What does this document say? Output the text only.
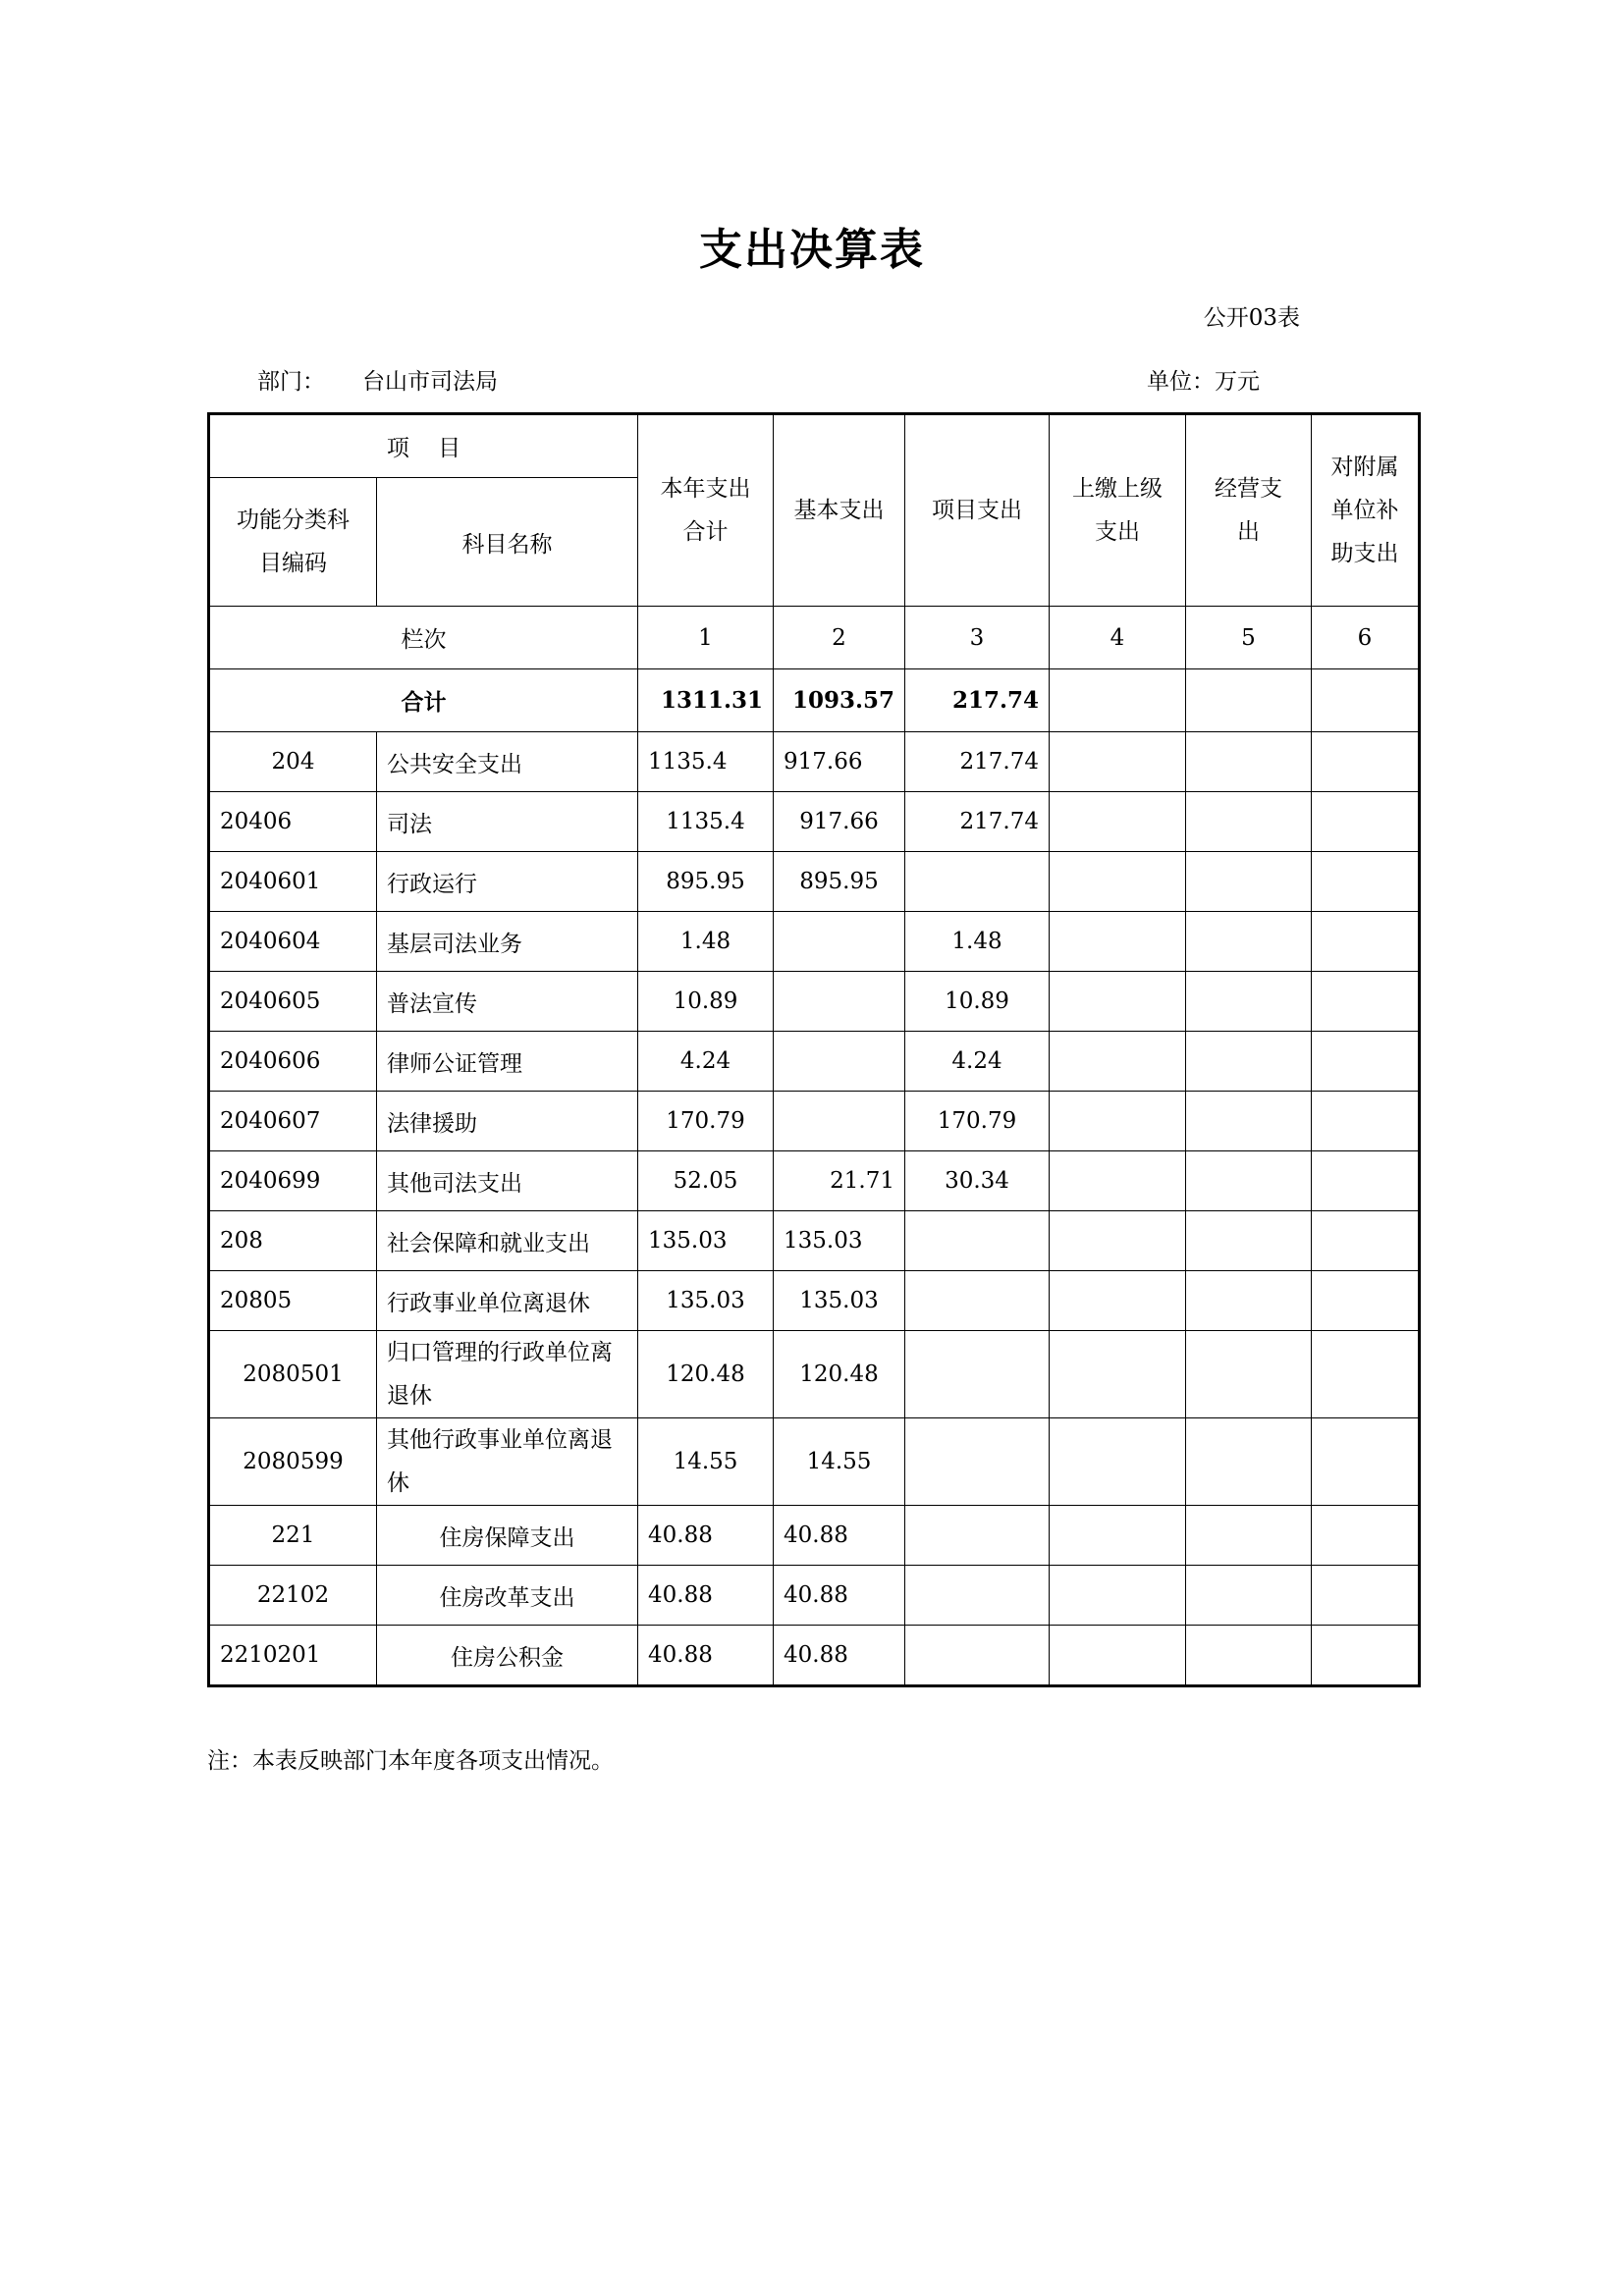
支出决算表
公开03表
部门： 台山市司法局	单位：万元
项    目		本年支出合计	基本支出	项目支出	上缴上级支出	经营支出	对附属单位补助支出

功能分类科目编码	科目名称						
栏次		1	2	3	4	5	6
合计		1311.31	1093.57	217.74			
204	公共安全支出	1135.4	917.66	217.74			
20406	司法	1135.4	917.66	217.74			
2040601	行政运行	895.95	895.95				
2040604	基层司法业务	1.48		1.48			
2040605	普法宣传	10.89		10.89			
2040606	律师公证管理	4.24		4.24			
2040607	法律援助	170.79		170.79			
2040699	其他司法支出	52.05	21.71	30.34			
208	社会保障和就业支出	135.03	135.03				
20805	行政事业单位离退休	135.03	135.03				
2080501	归口管理的行政单位离退休	120.48	120.48				
2080599	其他行政事业单位离退休	14.55	14.55				
221	住房保障支出	40.88	40.88				
22102	住房改革支出	40.88	40.88				
2210201	住房公积金	40.88	40.88				
注：本表反映部门本年度各项支出情况。
